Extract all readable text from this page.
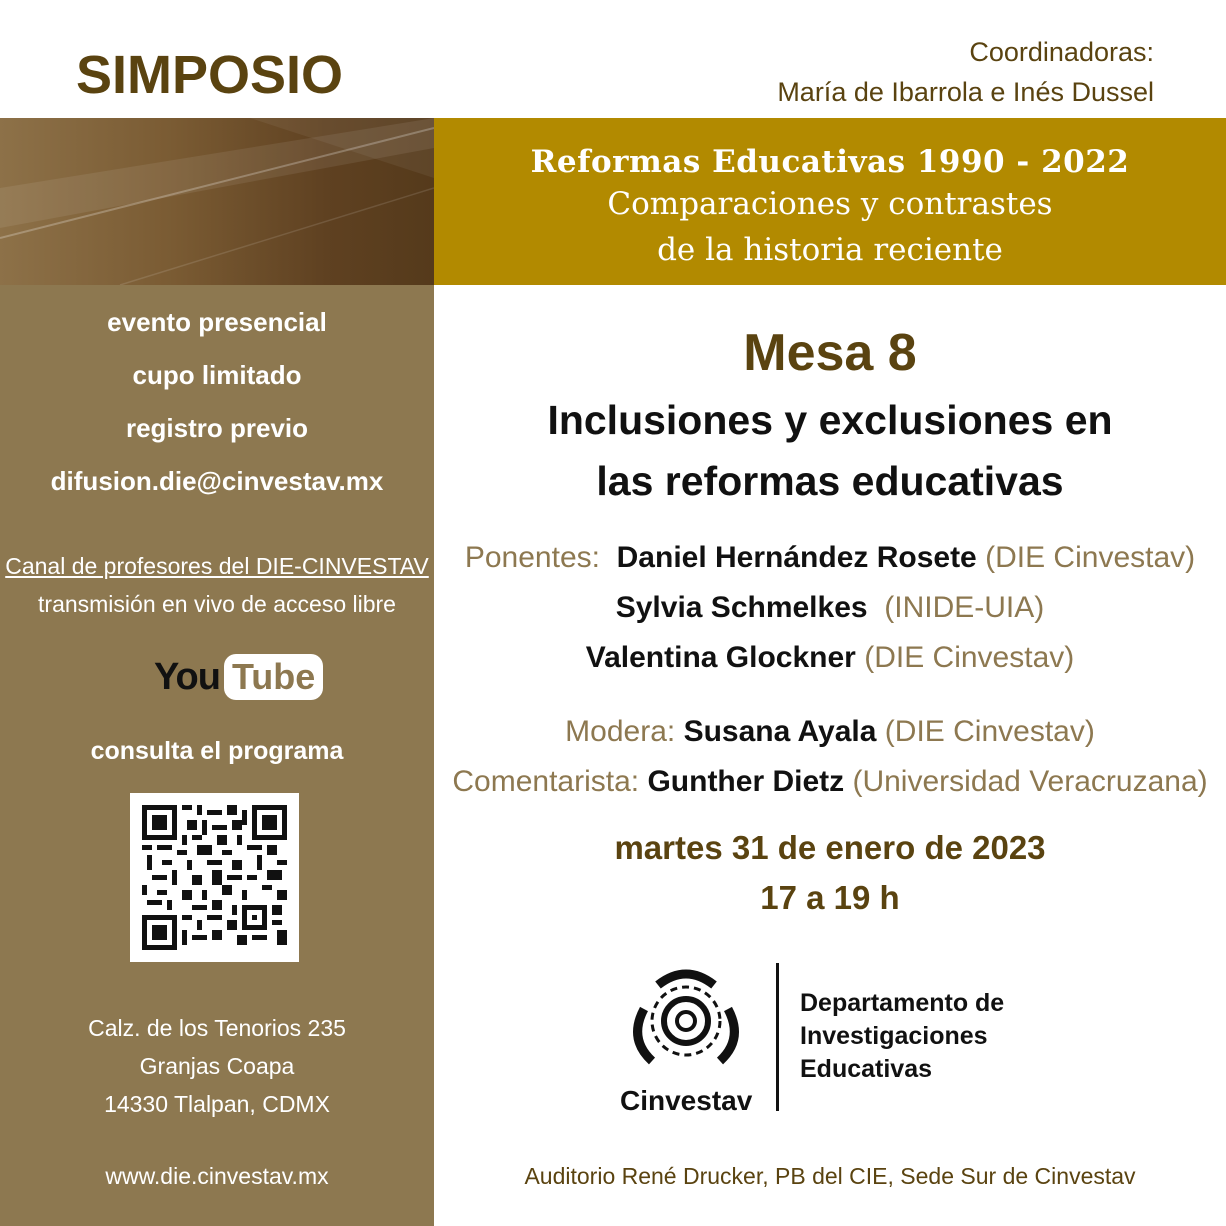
SIMPOSIO	Coordinadoras:
María de Ibarrola e Inés Dussel
Reformas Educativas 1990 - 2022
Comparaciones y contrastes
de la historia reciente
evento presencial
cupo limitado
registro previo
difusion.die@cinvestav.mx
Canal de profesores del DIE-CINVESTAV
transmisión en vivo de acceso libre
You Tube
consulta el programa
Calz. de los Tenorios 235
Granjas Coapa
14330 Tlalpan, CDMX
www.die.cinvestav.mx
Mesa 8
Inclusiones y exclusiones en
las reformas educativas
Ponentes: Daniel Hernández Rosete (DIE Cinvestav)
Sylvia Schmelkes (INIDE-UIA)
Valentina Glockner (DIE Cinvestav)
Modera: Susana Ayala (DIE Cinvestav)
Comentarista: Gunther Dietz (Universidad Veracruzana)
martes 31 de enero de 2023
17 a 19 h
Cinvestav
Departamento de
Investigaciones
Educativas
Auditorio René Drucker, PB del CIE, Sede Sur de Cinvestav
